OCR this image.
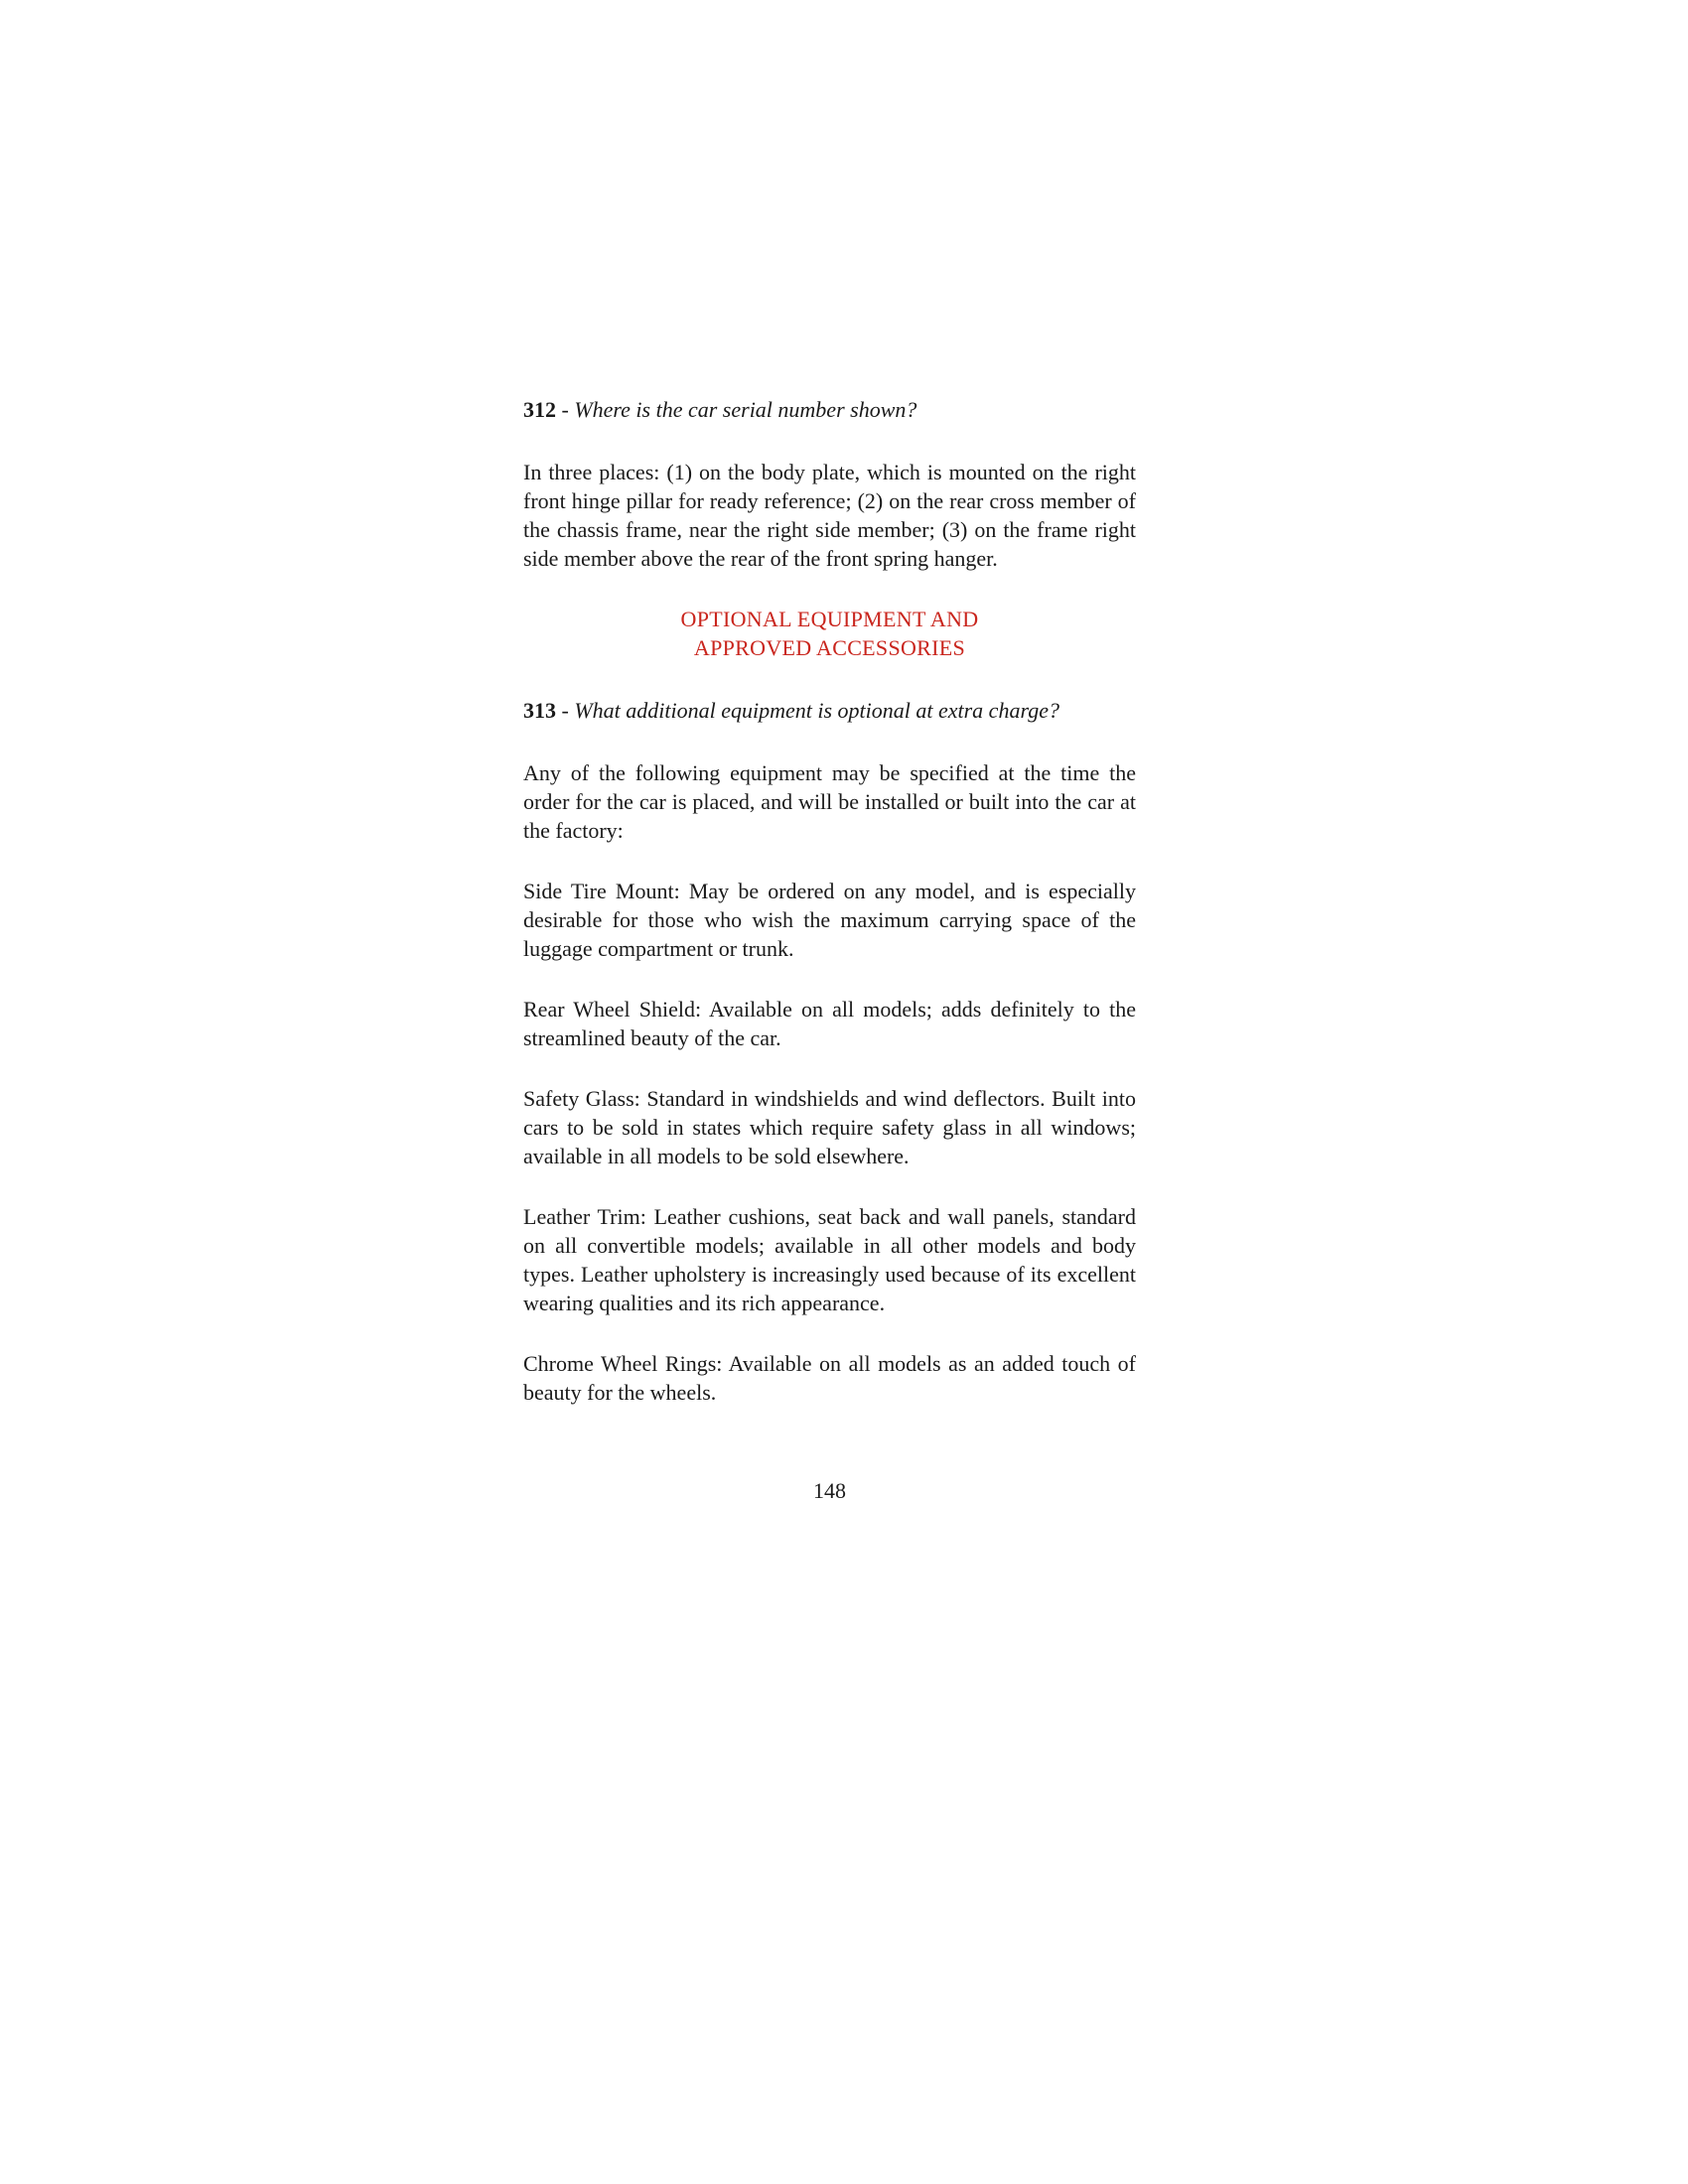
312 - Where is the car serial number shown?

In three places: (1) on the body plate, which is mounted on the right front hinge pillar for ready reference; (2) on the rear cross member of the chassis frame, near the right side member; (3) on the frame right side member above the rear of the front spring hanger.

OPTIONAL EQUIPMENT AND
APPROVED ACCESSORIES

313 - What additional equipment is optional at extra charge?

Any of the following equipment may be specified at the time the order for the car is placed, and will be installed or built into the car at the factory:

Side Tire Mount: May be ordered on any model, and is especially desirable for those who wish the maximum carrying space of the luggage compartment or trunk.

Rear Wheel Shield: Available on all models; adds definitely to the streamlined beauty of the car.

Safety Glass: Standard in windshields and wind deflectors. Built into cars to be sold in states which require safety glass in all windows; available in all models to be sold elsewhere.

Leather Trim: Leather cushions, seat back and wall panels, standard on all convertible models; available in all other models and body types. Leather upholstery is increasingly used because of its excellent wearing qualities and its rich appearance.

Chrome Wheel Rings: Available on all models as an added touch of beauty for the wheels.

148
